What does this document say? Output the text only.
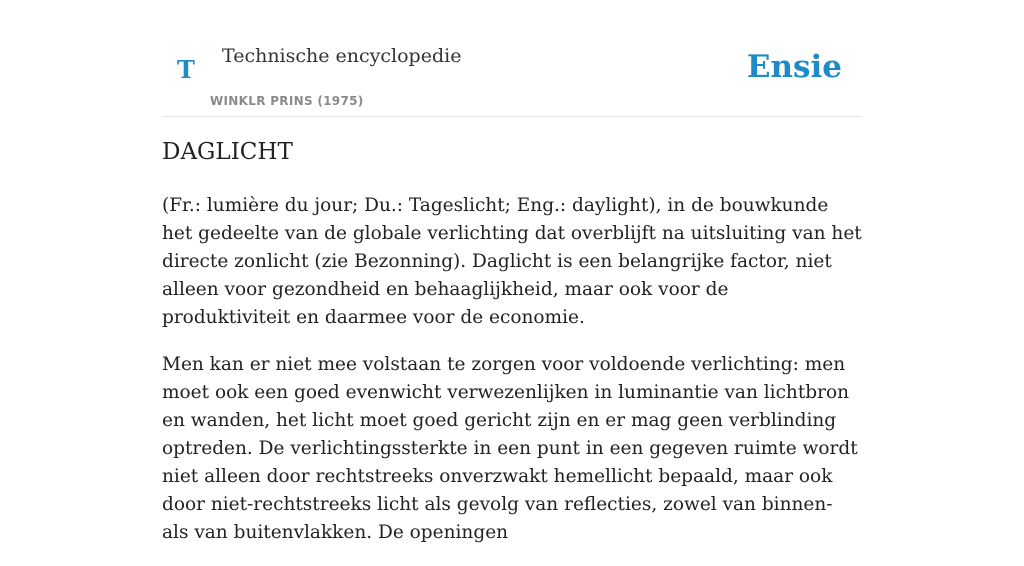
T Technische encyclopedie
WINKLR PRINS (1975)
Ensie
DAGLICHT

(Fr.: lumière du jour; Du.: Tageslicht; Eng.: daylight), in de bouwkunde het gedeelte van de globale verlichting dat overblijft na uitsluiting van het directe zonlicht (zie Bezonning). Daglicht is een belangrijke factor, niet alleen voor gezondheid en behaaglijkheid, maar ook voor de produktiviteit en daarmee voor de economie.

Men kan er niet mee volstaan te zorgen voor voldoende verlichting: men moet ook een goed evenwicht verwezenlijken in luminantie van lichtbron en wanden, het licht moet goed gericht zijn en er mag geen verblinding optreden. De verlichtingssterkte in een punt in een gegeven ruimte wordt niet alleen door rechtstreeks onverzwakt hemellicht bepaald, maar ook door niet-rechtstreeks licht als gevolg van reflecties, zowel van binnen- als van buitenvlakken. De openingen
